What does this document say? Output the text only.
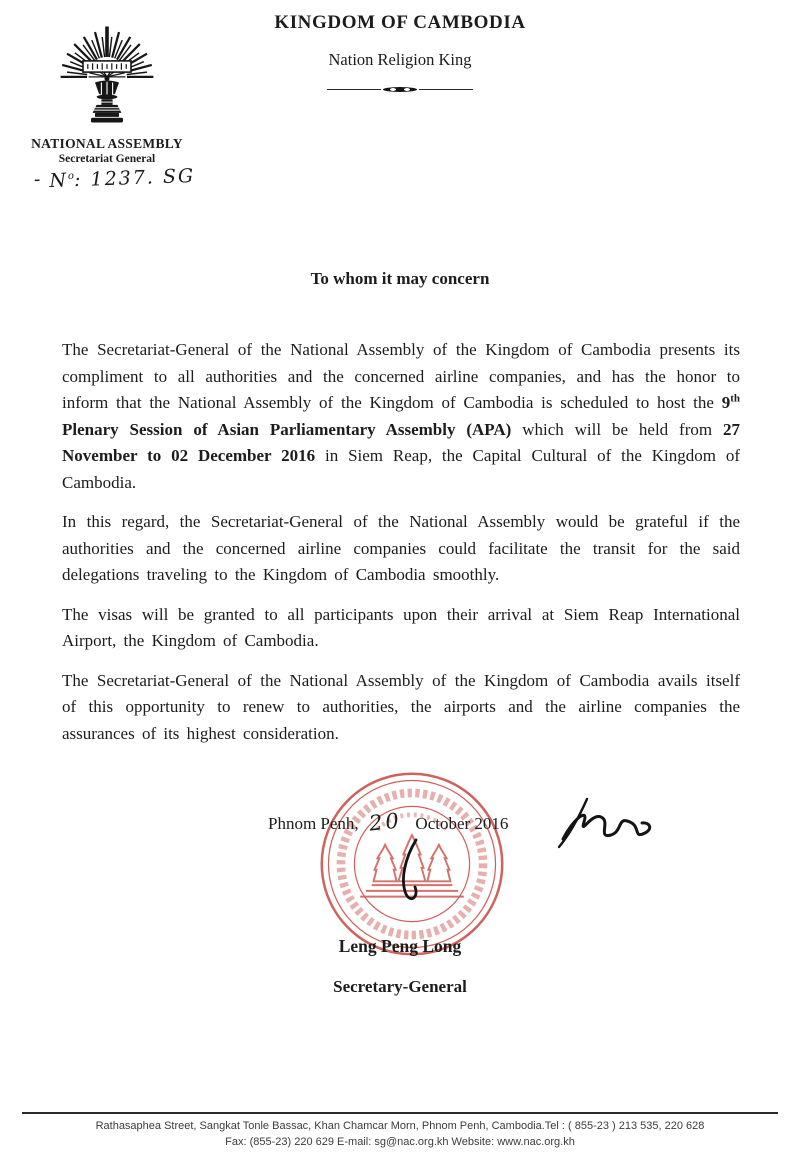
NATIONAL ASSEMBLY
Secretariat General
- $N^o$: 1237. SG
KINGDOM OF CAMBODIA
Nation Religion King
To whom it may concern

The Secretariat-General of the National Assembly of the Kingdom of Cambodia presents its compliment to all authorities and the concerned airline companies, and has the honor to inform that the National Assembly of the Kingdom of Cambodia is scheduled to host the 9th Plenary Session of Asian Parliamentary Assembly (APA) which will be held from 27 November to 02 December 2016 in Siem Reap, the Capital Cultural of the Kingdom of Cambodia.

In this regard, the Secretariat-General of the National Assembly would be grateful if the authorities and the concerned airline companies could facilitate the transit for the said delegations traveling to the Kingdom of Cambodia smoothly.

The visas will be granted to all participants upon their arrival at Siem Reap International Airport, the Kingdom of Cambodia.

The Secretariat-General of the National Assembly of the Kingdom of Cambodia avails itself of this opportunity to renew to authorities, the airports and the airline companies the assurances of its highest consideration.

Phnom Penh, 20 October 2016
Leng Peng Long
Secretary-General
Rathasaphea Street, Sangkat Tonle Bassac, Khan Chamcar Morn, Phnom Penh, Cambodia.Tel : ( 855-23 ) 213 535, 220 628
Fax: (855-23) 220 629 E-mail: sg@nac.org.kh Website: www.nac.org.kh
